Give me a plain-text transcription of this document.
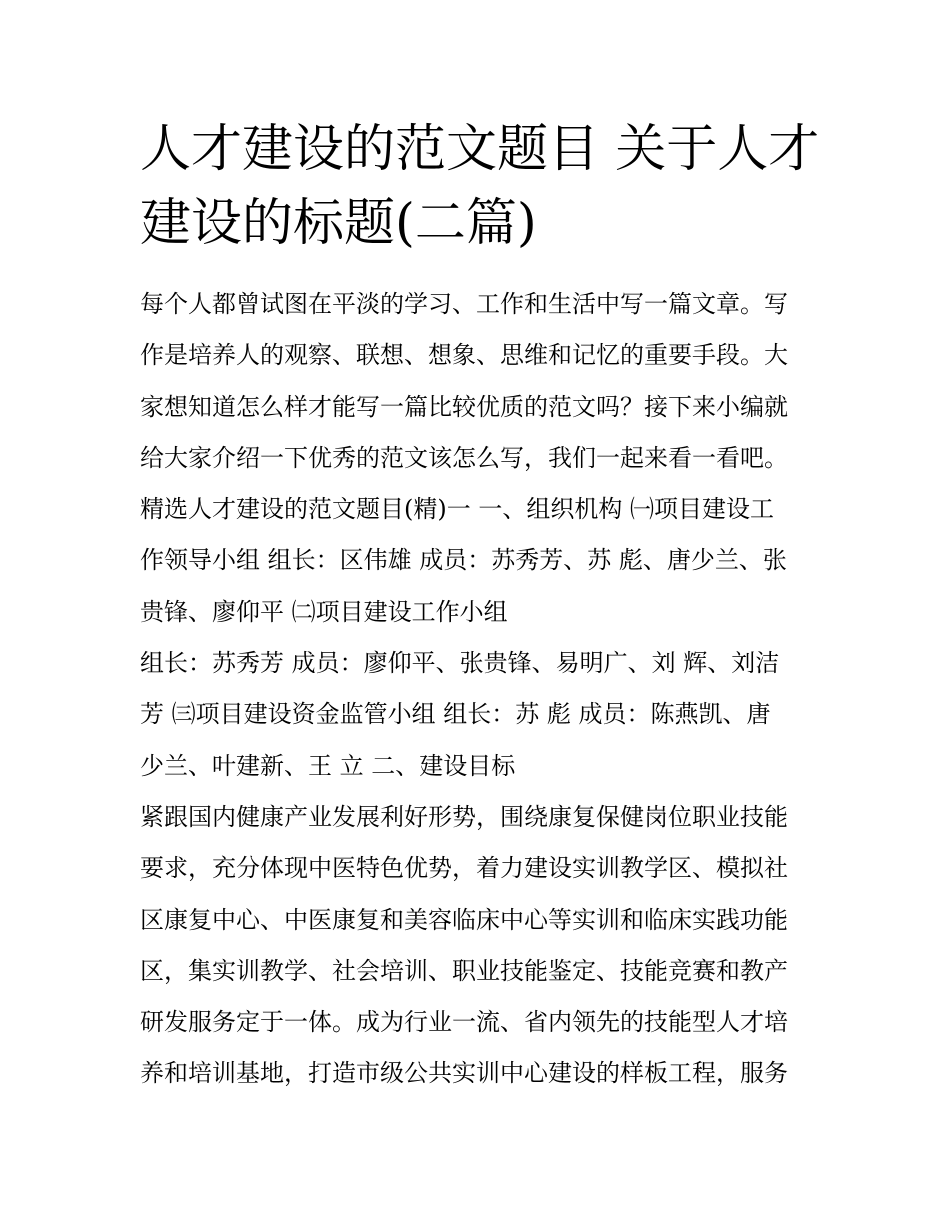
人才建设的范文题目 关于人才
建设的标题(二篇)
每个人都曾试图在平淡的学习、工作和生活中写一篇文章。写
作是培养人的观察、联想、想象、思维和记忆的重要手段。大
家想知道怎么样才能写一篇比较优质的范文吗？接下来小编就
给大家介绍一下优秀的范文该怎么写，我们一起来看一看吧。
精选人才建设的范文题目(精)一 一、组织机构 ㈠项目建设工
作领导小组 组长：区伟雄 成员：苏秀芳、苏 彪、唐少兰、张
贵锋、廖仰平 ㈡项目建设工作小组
组长：苏秀芳 成员：廖仰平、张贵锋、易明广、刘 辉、刘洁
芳 ㈢项目建设资金监管小组 组长：苏 彪 成员：陈燕凯、唐
少兰、叶建新、王 立 二、建设目标
紧跟国内健康产业发展利好形势，围绕康复保健岗位职业技能
要求，充分体现中医特色优势，着力建设实训教学区、模拟社
区康复中心、中医康复和美容临床中心等实训和临床实践功能
区，集实训教学、社会培训、职业技能鉴定、技能竞赛和教产
研发服务定于一体。成为行业一流、省内领先的技能型人才培
养和培训基地，打造市级公共实训中心建设的样板工程，服务
